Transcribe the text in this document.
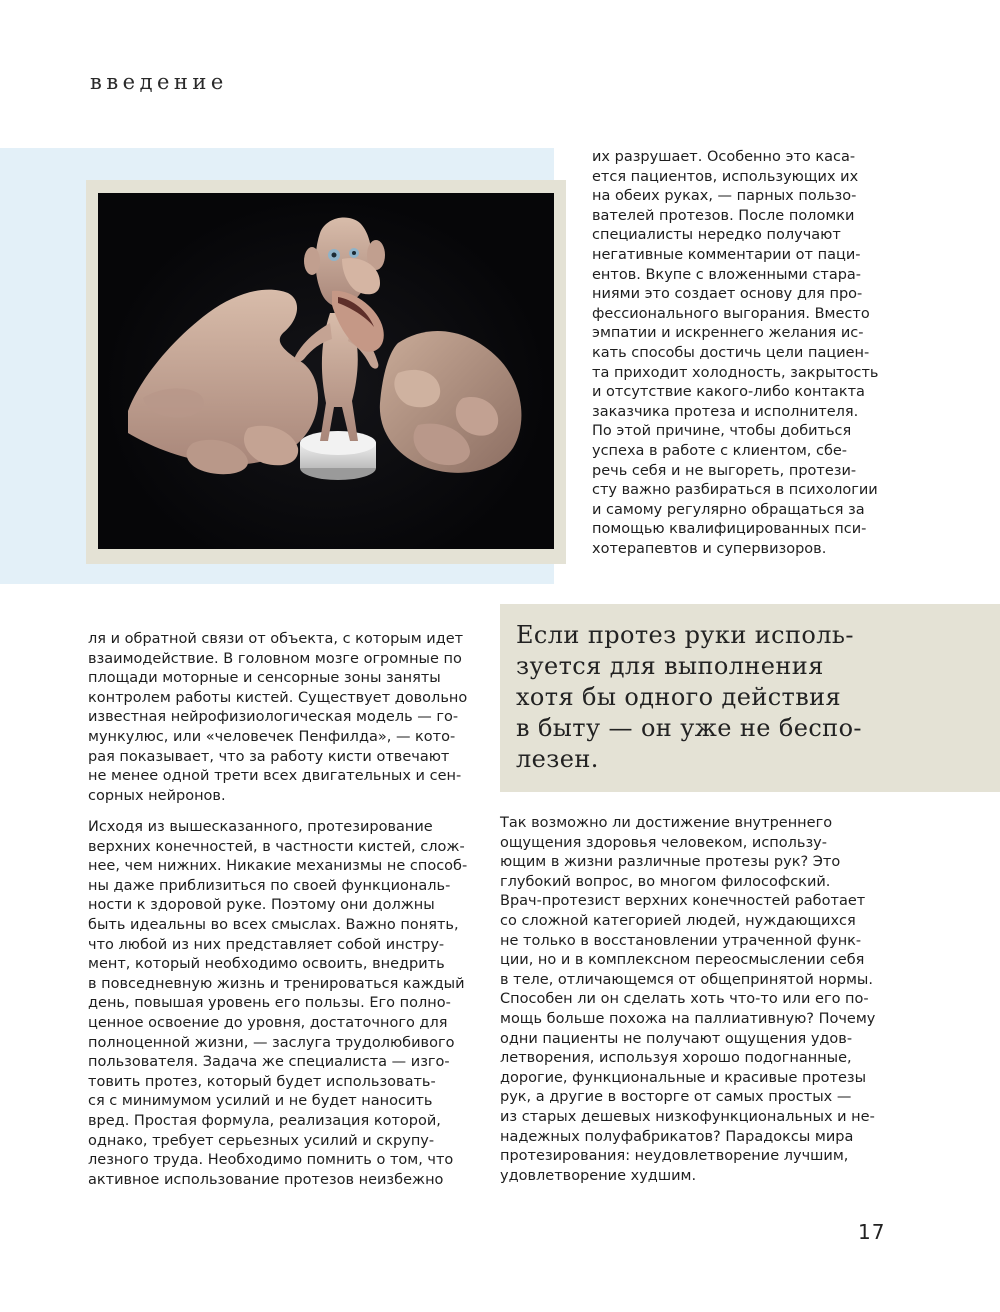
введение

их разрушает. Особенно это каса-
ется пациентов, использующих их
на обеих руках, — парных пользо-
вателей протезов. После поломки
специалисты нередко получают
негативные комментарии от паци-
ентов. Вкупе с вложенными стара-
ниями это создает основу для про-
фессионального выгорания. Вместо
эмпатии и искреннего желания ис-
кать способы достичь цели пациен-
та приходит холодность, закрытость
и отсутствие какого-либо контакта
заказчика протеза и исполнителя.
По этой причине, чтобы добиться
успеха в работе с клиентом, сбе-
речь себя и не выгореть, протези-
сту важно разбираться в психологии
и самому регулярно обращаться за
помощью квалифицированных пси-
хотерапевтов и супервизоров.

Если протез руки исполь-
зуется для выполнения
хотя бы одного действия
в быту — он уже не беспо-
лезен.

ля и обратной связи от объекта, с которым идет
взаимодействие. В головном мозге огромные по
площади моторные и сенсорные зоны заняты
контролем работы кистей. Существует довольно
известная нейрофизиологическая модель — го-
мункулюс, или «человечек Пенфилда», — кото-
рая показывает, что за работу кисти отвечают
не менее одной трети всех двигательных и сен-
сорных нейронов.

Исходя из вышесказанного, протезирование
верхних конечностей, в частности кистей, слож-
нее, чем нижних. Никакие механизмы не способ-
ны даже приблизиться по своей функциональ-
ности к здоровой руке. Поэтому они должны
быть идеальны во всех смыслах. Важно понять,
что любой из них представляет собой инстру-
мент, который необходимо освоить, внедрить
в повседневную жизнь и тренироваться каждый
день, повышая уровень его пользы. Его полно-
ценное освоение до уровня, достаточного для
полноценной жизни, — заслуга трудолюбивого
пользователя. Задача же специалиста — изго-
товить протез, который будет использовать-
ся с минимумом усилий и не будет наносить
вред. Простая формула, реализация которой,
однако, требует серьезных усилий и скрупу-
лезного труда. Необходимо помнить о том, что
активное использование протезов неизбежно

Так возможно ли достижение внутреннего
ощущения здоровья человеком, использу-
ющим в жизни различные протезы рук? Это
глубокий вопрос, во многом философский.
Врач-протезист верхних конечностей работает
со сложной категорией людей, нуждающихся
не только в восстановлении утраченной функ-
ции, но и в комплексном переосмыслении себя
в теле, отличающемся от общепринятой нормы.
Способен ли он сделать хоть что-то или его по-
мощь больше похожа на паллиативную? Почему
одни пациенты не получают ощущения удов-
летворения, используя хорошо подогнанные,
дорогие, функциональные и красивые протезы
рук, а другие в восторге от самых простых —
из старых дешевых низкофункциональных и не-
надежных полуфабрикатов? Парадоксы мира
протезирования: неудовлетворение лучшим,
удовлетворение худшим.

17
